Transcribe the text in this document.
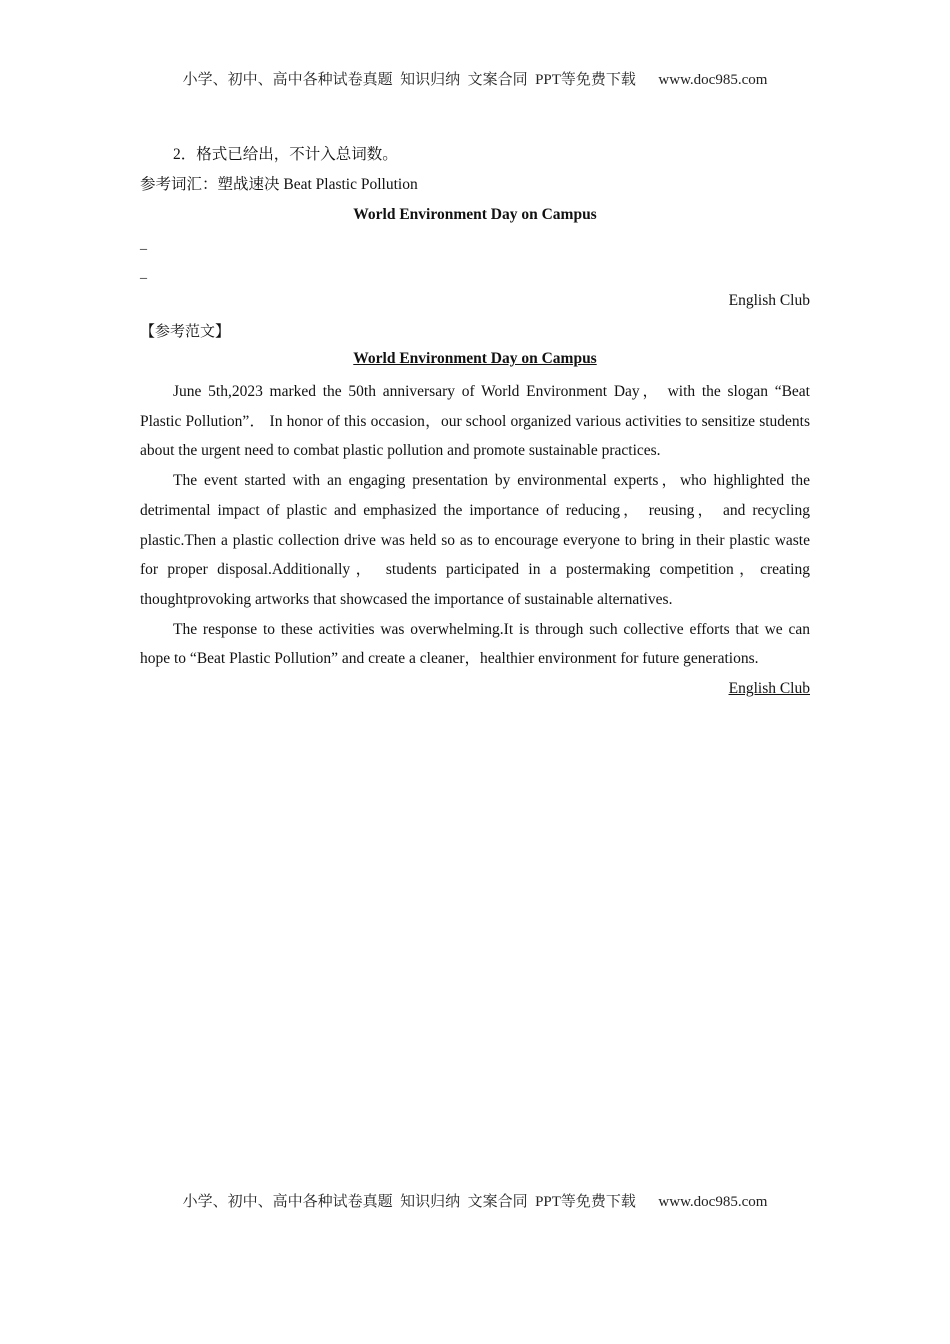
小学、初中、高中各种试卷真题  知识归纳  文案合同  PPT等免费下载      www.doc985.com
2．格式已给出，不计入总词数。
参考词汇：塑战速决 Beat Plastic Pollution
World Environment Day on Campus
_
_
English Club
【参考范文】
World Environment Day on Campus

June 5th,2023 marked the 50th anniversary of World Environment Day， with the slogan “Beat Plastic Pollution”． In honor of this occasion，our school organized various activities to sensitize students about the urgent need to combat plastic pollution and promote sustainable practices.

The event started with an engaging presentation by environmental experts，who highlighted the detrimental impact of plastic and emphasized the importance of reducing， reusing， and recycling plastic.Then a plastic collection drive was held so as to encourage everyone to bring in their plastic waste for proper disposal.Additionally， students participated in a postermaking competition，creating thoughtprovoking artworks that showcased the importance of sustainable alternatives.

The response to these activities was overwhelming.It is through such collective efforts that we can hope to “Beat Plastic Pollution” and create a cleaner，healthier environment for future generations.

English Club
小学、初中、高中各种试卷真题  知识归纳  文案合同  PPT等免费下载      www.doc985.com
